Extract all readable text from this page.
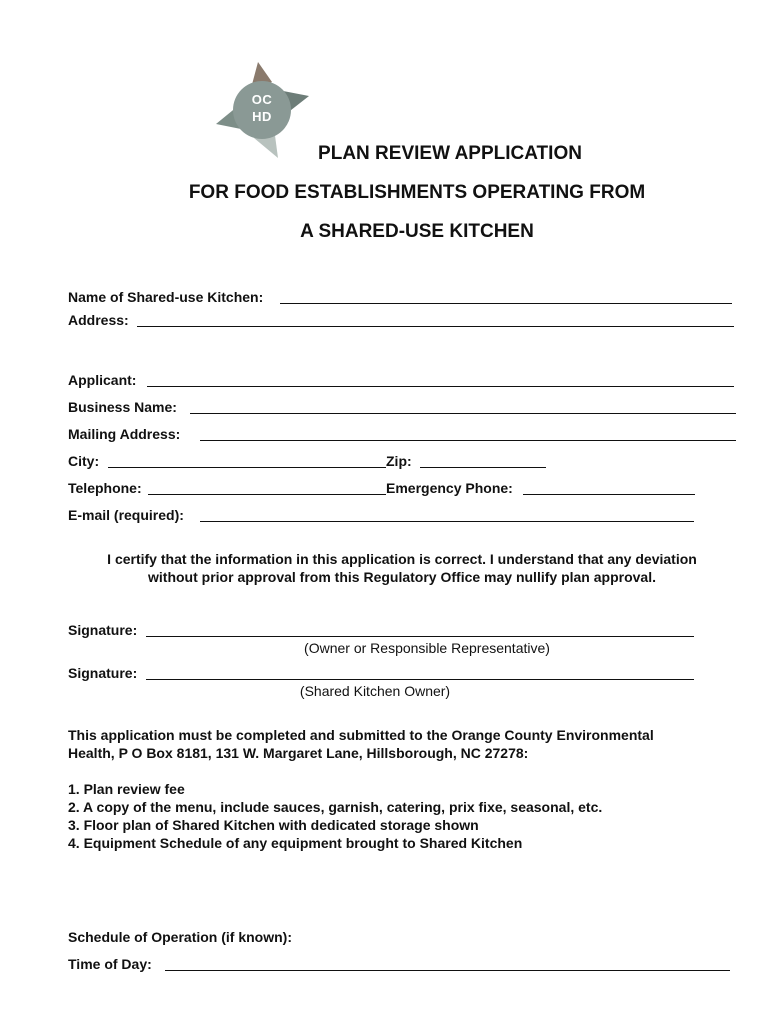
OC
HD
PLAN REVIEW APPLICATION
FOR FOOD ESTABLISHMENTS OPERATING FROM
A SHARED-USE KITCHEN
Name of Shared-use Kitchen:
Address:
Applicant:
Business Name:
Mailing Address:
City:	Zip:
Telephone:	Emergency Phone:
E-mail (required):
I certify that the information in this application is correct. I understand that any deviation
without prior approval from this Regulatory Office may nullify plan approval.
Signature:
(Owner or Responsible Representative)
Signature:
(Shared Kitchen Owner)
This application must be completed and submitted to the Orange County Environmental
Health, P O Box 8181, 131 W. Margaret Lane, Hillsborough, NC 27278:
1. Plan review fee
2. A copy of the menu, include sauces, garnish, catering, prix fixe, seasonal, etc.
3. Floor plan of Shared Kitchen with dedicated storage shown
4. Equipment Schedule of any equipment brought to Shared Kitchen
Schedule of Operation (if known):
Time of Day:
